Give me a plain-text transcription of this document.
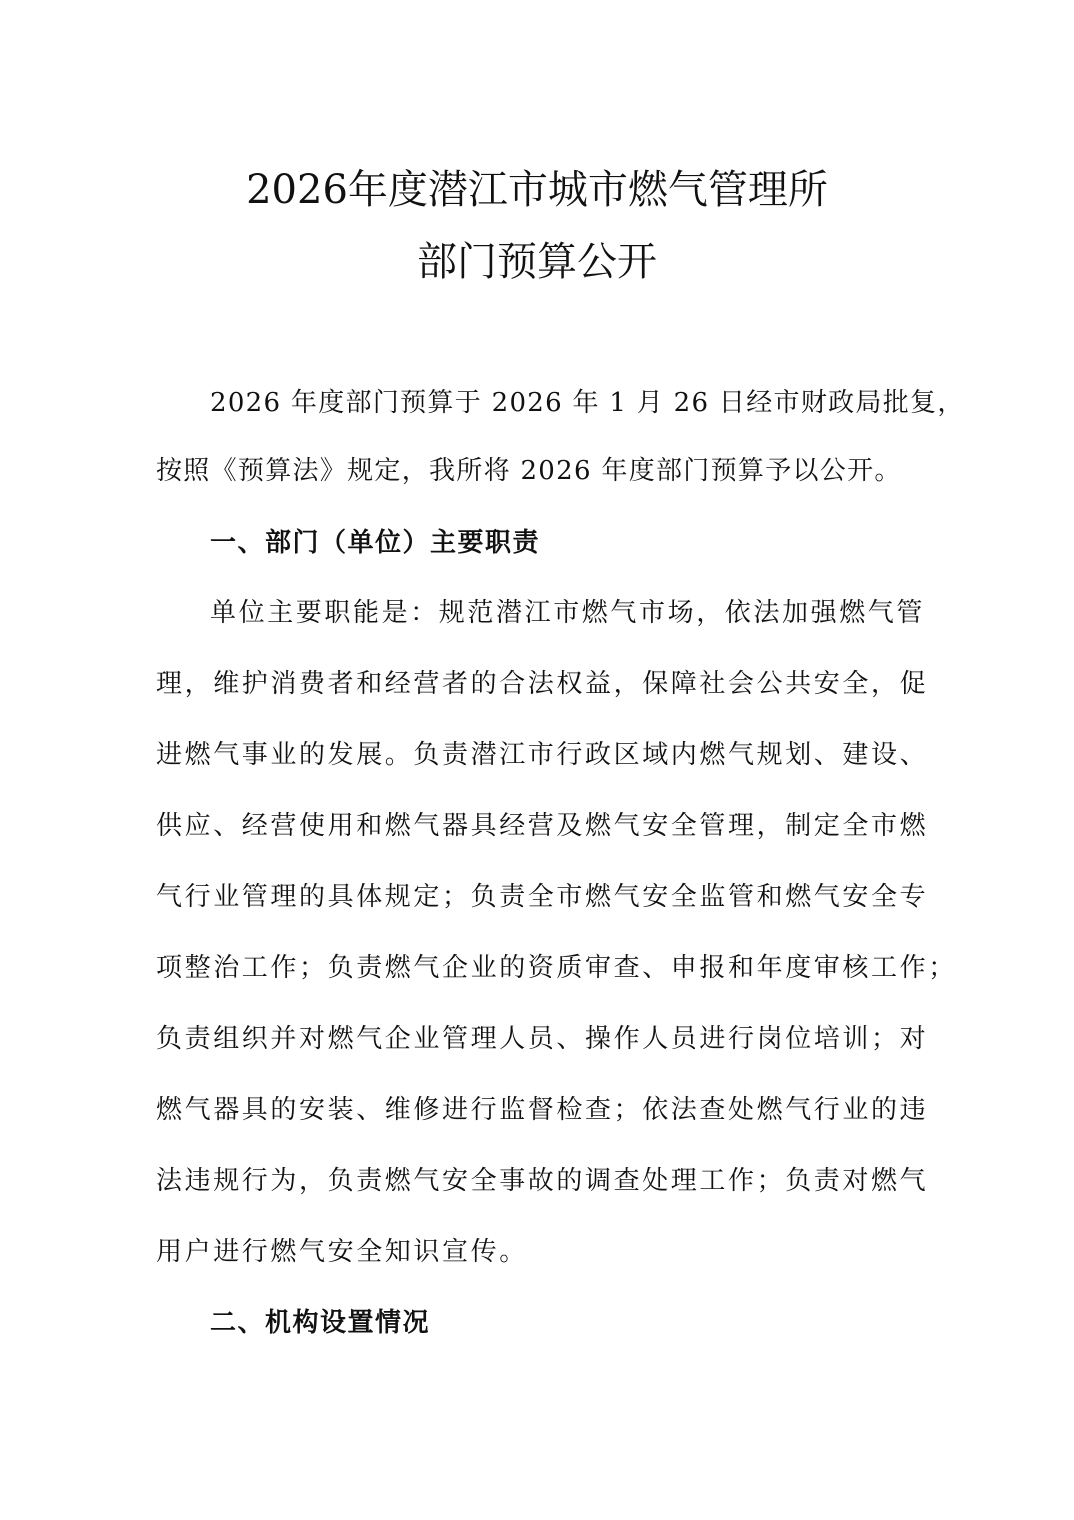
2026年度潜江市城市燃气管理所
部门预算公开
2026 年度部门预算于 2026 年 1 月 26 日经市财政局批复，
按照《预算法》规定，我所将 2026 年度部门预算予以公开。
一、部门（单位）主要职责
单位主要职能是：规范潜江市燃气市场，依法加强燃气管
理，维护消费者和经营者的合法权益，保障社会公共安全，促
进燃气事业的发展。负责潜江市行政区域内燃气规划、建设、
供应、经营使用和燃气器具经营及燃气安全管理，制定全市燃
气行业管理的具体规定；负责全市燃气安全监管和燃气安全专
项整治工作；负责燃气企业的资质审查、申报和年度审核工作；
负责组织并对燃气企业管理人员、操作人员进行岗位培训；对
燃气器具的安装、维修进行监督检查；依法查处燃气行业的违
法违规行为，负责燃气安全事故的调查处理工作；负责对燃气
用户进行燃气安全知识宣传。
二、机构设置情况
